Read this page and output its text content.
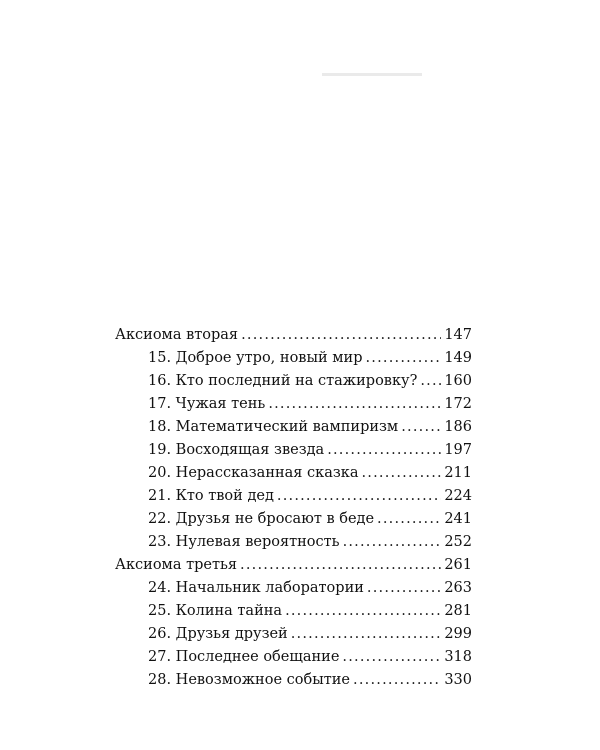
Аксиома вторая .....	147
15. Доброе утро, новый мир .....	149
16. Кто последний на стажировку? ..... 160
17. Чужая тень .....	172
18. Математический вампиризм .....	186
19. Восходящая звезда .....	197
20. Нерассказанная сказка .....	211
21. Кто твой дед .....	224
22. Друзья не бросают в беде .....	241
23. Нулевая вероятность .....	252
Аксиома третья .....	261
24. Начальник лаборатории .....	263
25. Колина тайна .....	281
26. Друзья друзей .....	299
27. Последнее обещание .....	318
28. Невозможное событие .....	330
